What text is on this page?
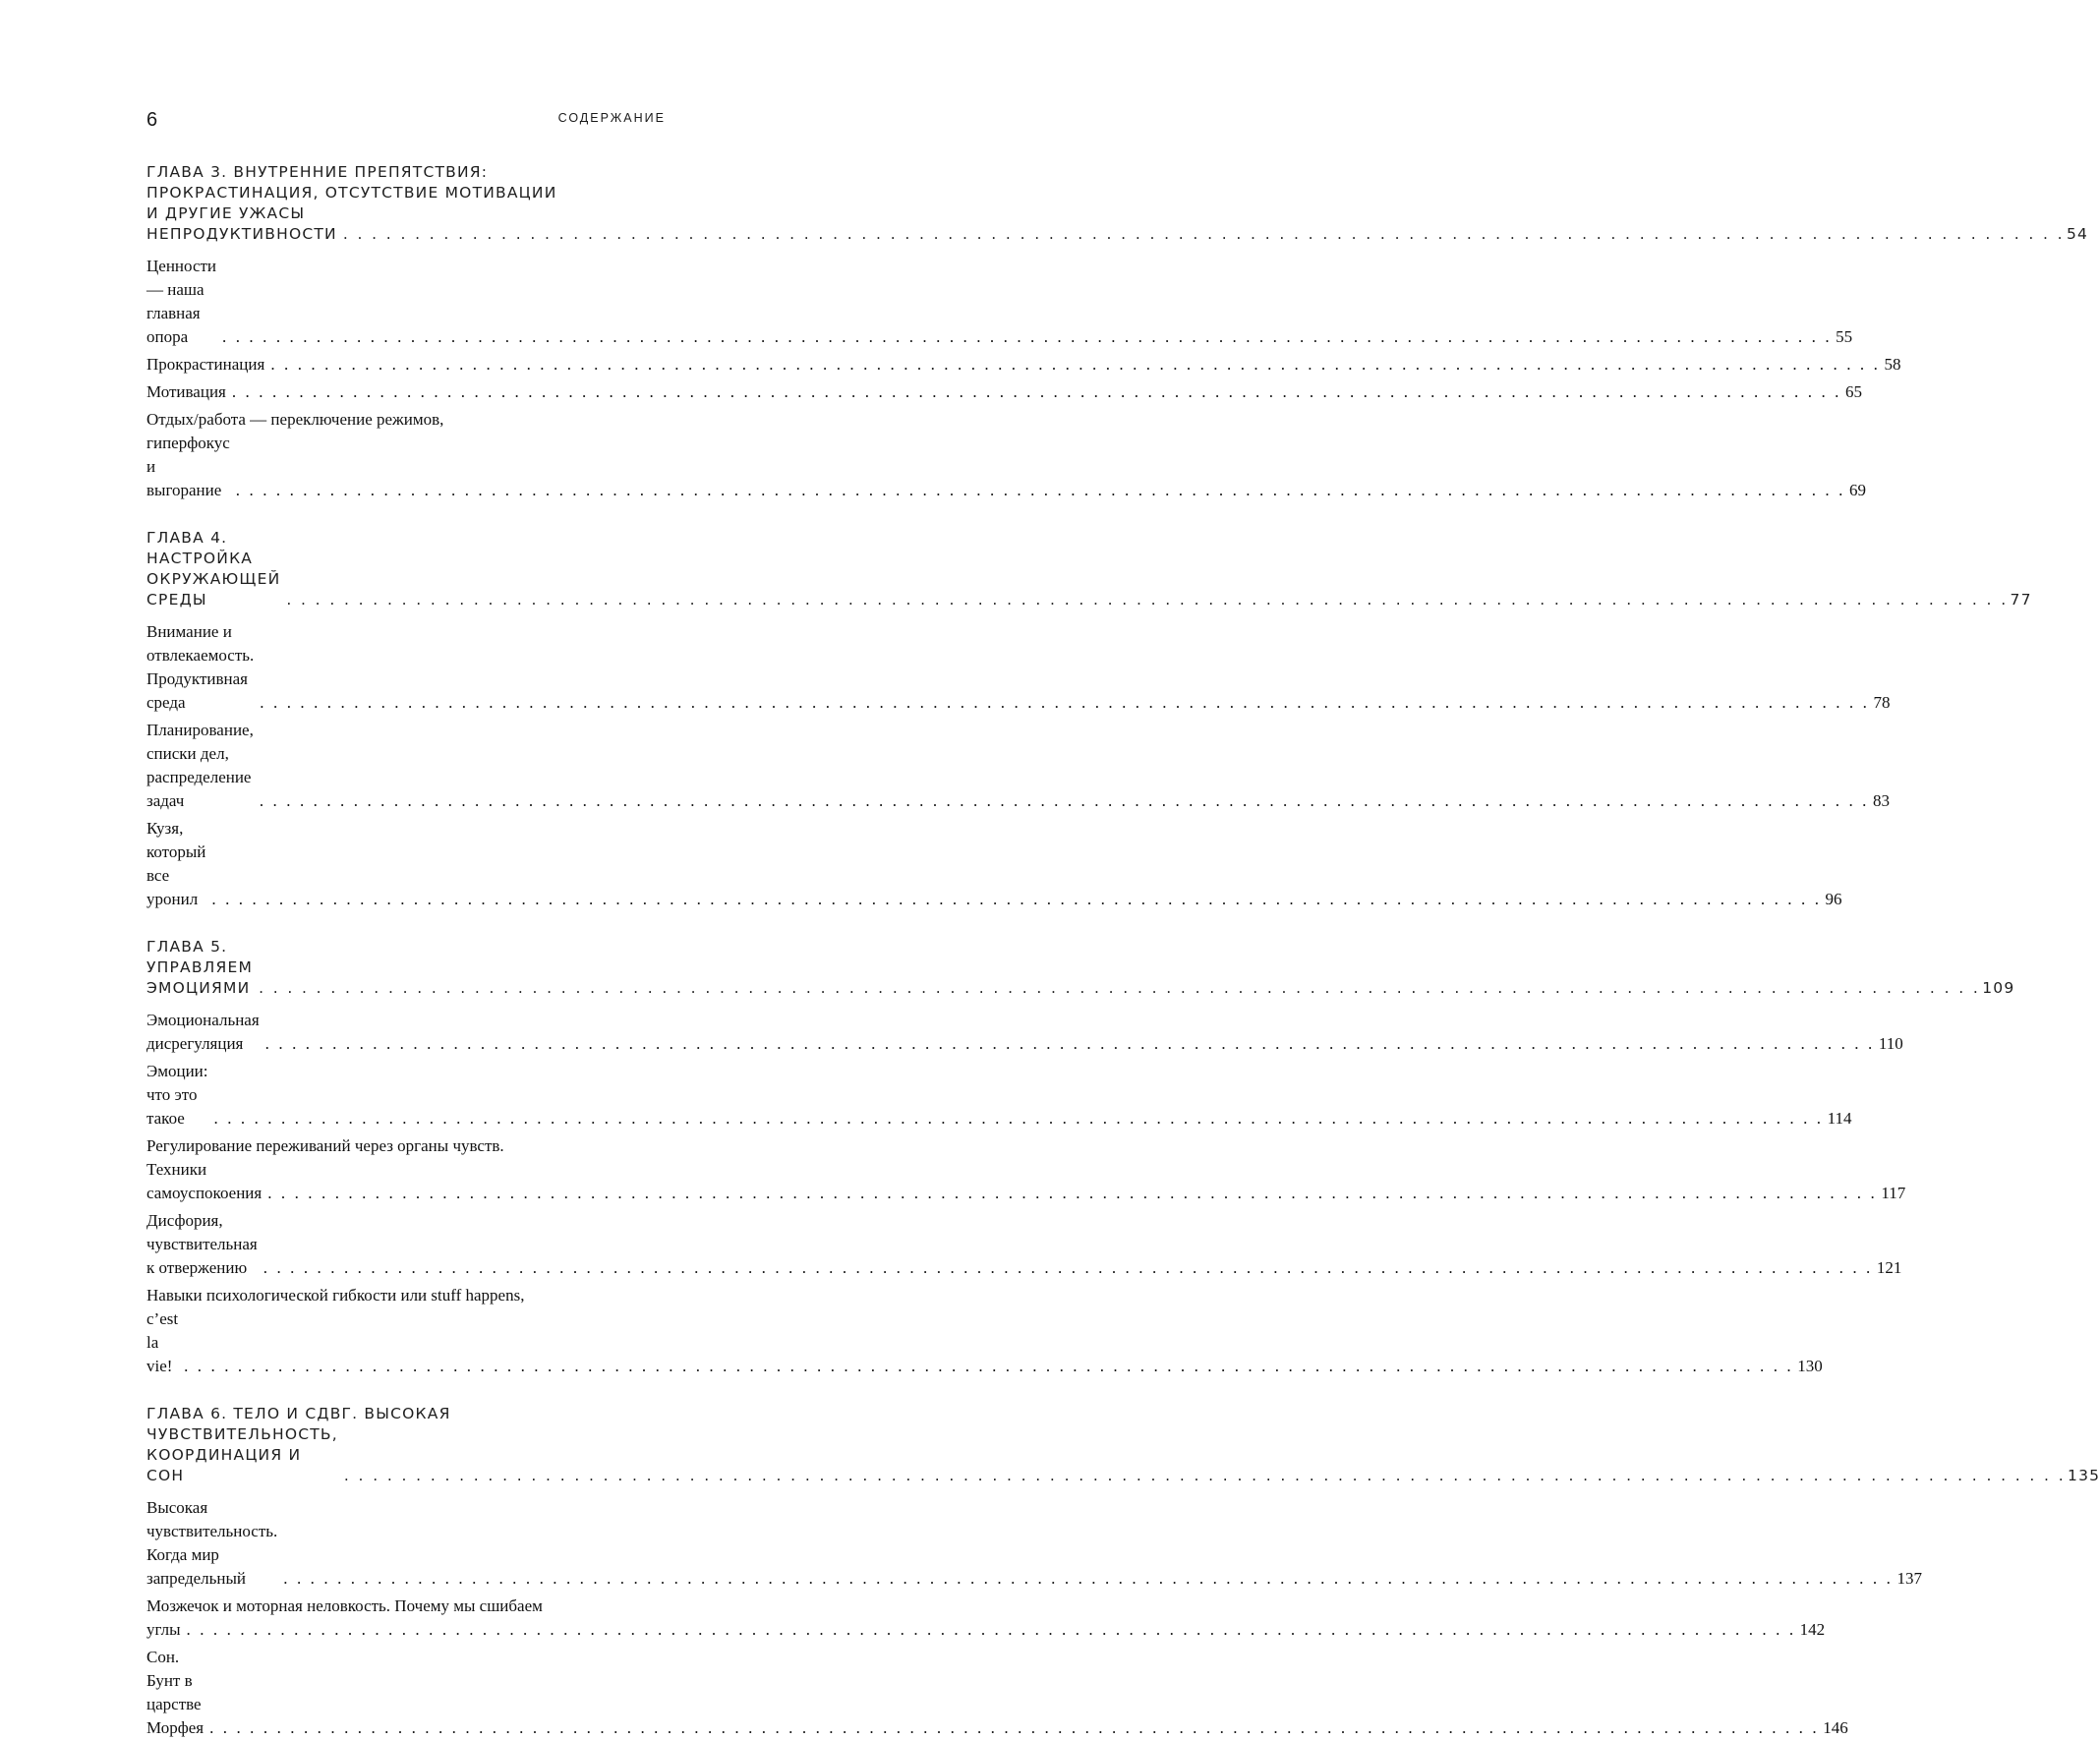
6	СОДЕРЖАНИЕ
ГЛАВА 3. ВНУТРЕННИЕ ПРЕПЯТСТВИЯ:
ПРОКРАСТИНАЦИЯ, ОТСУТСТВИЕ МОТИВАЦИИ
И ДРУГИЕ УЖАСЫ НЕПРОДУКТИВНОСТИ . . . . . . . . . . . . . . . . . . . . . . . . . . . . . . . . . . . . . . . . . . . . . . . . . . . . . . . . . . . . . . . . . . . . . . . . . . . . . . . . . . . . . . . . . . . . . . . . . . . . . . . . . . . . . . . . . . . . . . . . 54
Ценности — наша главная опора	. . . . . . . . . . . . . . . . . . . . . . . . . . . . . . . . . . . . . . . . . . . . . . . . . . . . . . . . . . . . . . . . . . . . . . . . . . . . . . . . . . . . . . . . . . . . . . . . . . . . . . . . . . . . . . . . . . . . . . . . 55
Прокрастинация . . . . . . . . . . . . . . . . . . . . . . . . . . . . . . . . . . . . . . . . . . . . . . . . . . . . . . . . . . . . . . . . . . . . . . . . . . . . . . . . . . . . . . . . . . . . . . . . . . . . . . . . . . . . . . . . . . . . . . . . 58
Мотивация . . . . . . . . . . . . . . . . . . . . . . . . . . . . . . . . . . . . . . . . . . . . . . . . . . . . . . . . . . . . . . . . . . . . . . . . . . . . . . . . . . . . . . . . . . . . . . . . . . . . . . . . . . . . . . . . . . . . . . . . 65
Отдых/работа — переключение режимов,
гиперфокус и выгорание . . . . . . . . . . . . . . . . . . . . . . . . . . . . . . . . . . . . . . . . . . . . . . . . . . . . . . . . . . . . . . . . . . . . . . . . . . . . . . . . . . . . . . . . . . . . . . . . . . . . . . . . . . . . . . . . . . . . . . . . 69
ГЛАВА 4. НАСТРОЙКА ОКРУЖАЮЩЕЙ СРЕДЫ	. . . . . . . . . . . . . . . . . . . . . . . . . . . . . . . . . . . . . . . . . . . . . . . . . . . . . . . . . . . . . . . . . . . . . . . . . . . . . . . . . . . . . . . . . . . . . . . . . . . . . . . . . . . . . . . . . . . . . . . . 77
Внимание и отвлекаемость. Продуктивная среда	. . . . . . . . . . . . . . . . . . . . . . . . . . . . . . . . . . . . . . . . . . . . . . . . . . . . . . . . . . . . . . . . . . . . . . . . . . . . . . . . . . . . . . . . . . . . . . . . . . . . . . . . . . . . . . . . . . . . . . . . 78
Планирование, списки дел, распределение задач	. . . . . . . . . . . . . . . . . . . . . . . . . . . . . . . . . . . . . . . . . . . . . . . . . . . . . . . . . . . . . . . . . . . . . . . . . . . . . . . . . . . . . . . . . . . . . . . . . . . . . . . . . . . . . . . . . . . . . . . . 83
Кузя, который все уронил . . . . . . . . . . . . . . . . . . . . . . . . . . . . . . . . . . . . . . . . . . . . . . . . . . . . . . . . . . . . . . . . . . . . . . . . . . . . . . . . . . . . . . . . . . . . . . . . . . . . . . . . . . . . . . . . . . . . . . . . 96
ГЛАВА 5. УПРАВЛЯЕМ ЭМОЦИЯМИ . . . . . . . . . . . . . . . . . . . . . . . . . . . . . . . . . . . . . . . . . . . . . . . . . . . . . . . . . . . . . . . . . . . . . . . . . . . . . . . . . . . . . . . . . . . . . . . . . . . . . . . . . . . . . . . . . . . . . . . . 109
Эмоциональная дисрегуляция	. . . . . . . . . . . . . . . . . . . . . . . . . . . . . . . . . . . . . . . . . . . . . . . . . . . . . . . . . . . . . . . . . . . . . . . . . . . . . . . . . . . . . . . . . . . . . . . . . . . . . . . . . . . . . . . . . . . . . . . . 110
Эмоции: что это такое	. . . . . . . . . . . . . . . . . . . . . . . . . . . . . . . . . . . . . . . . . . . . . . . . . . . . . . . . . . . . . . . . . . . . . . . . . . . . . . . . . . . . . . . . . . . . . . . . . . . . . . . . . . . . . . . . . . . . . . . . 114
Регулирование переживаний через органы чувств.
Техники самоуспокоения . . . . . . . . . . . . . . . . . . . . . . . . . . . . . . . . . . . . . . . . . . . . . . . . . . . . . . . . . . . . . . . . . . . . . . . . . . . . . . . . . . . . . . . . . . . . . . . . . . . . . . . . . . . . . . . . . . . . . . . . 117
Дисфория, чувствительная к отвержению . . . . . . . . . . . . . . . . . . . . . . . . . . . . . . . . . . . . . . . . . . . . . . . . . . . . . . . . . . . . . . . . . . . . . . . . . . . . . . . . . . . . . . . . . . . . . . . . . . . . . . . . . . . . . . . . . . . . . . . . 121
Навыки психологической гибкости или stuff happens,
c’est la vie! . . . . . . . . . . . . . . . . . . . . . . . . . . . . . . . . . . . . . . . . . . . . . . . . . . . . . . . . . . . . . . . . . . . . . . . . . . . . . . . . . . . . . . . . . . . . . . . . . . . . . . . . . . . . . . . . . . . . . . . . 130
ГЛАВА 6. ТЕЛО И СДВГ. ВЫСОКАЯ
ЧУВСТВИТЕЛЬНОСТЬ, КООРДИНАЦИЯ И СОН	. . . . . . . . . . . . . . . . . . . . . . . . . . . . . . . . . . . . . . . . . . . . . . . . . . . . . . . . . . . . . . . . . . . . . . . . . . . . . . . . . . . . . . . . . . . . . . . . . . . . . . . . . . . . . . . . . . . . . . . . 135
Высокая чувствительность. Когда мир запредельный	. . . . . . . . . . . . . . . . . . . . . . . . . . . . . . . . . . . . . . . . . . . . . . . . . . . . . . . . . . . . . . . . . . . . . . . . . . . . . . . . . . . . . . . . . . . . . . . . . . . . . . . . . . . . . . . . . . . . . . . . 137
Мозжечок и моторная неловкость. Почему мы сшибаем
углы . . . . . . . . . . . . . . . . . . . . . . . . . . . . . . . . . . . . . . . . . . . . . . . . . . . . . . . . . . . . . . . . . . . . . . . . . . . . . . . . . . . . . . . . . . . . . . . . . . . . . . . . . . . . . . . . . . . . . . . . 142
Сон. Бунт в царстве Морфея . . . . . . . . . . . . . . . . . . . . . . . . . . . . . . . . . . . . . . . . . . . . . . . . . . . . . . . . . . . . . . . . . . . . . . . . . . . . . . . . . . . . . . . . . . . . . . . . . . . . . . . . . . . . . . . . . . . . . . . . 146
